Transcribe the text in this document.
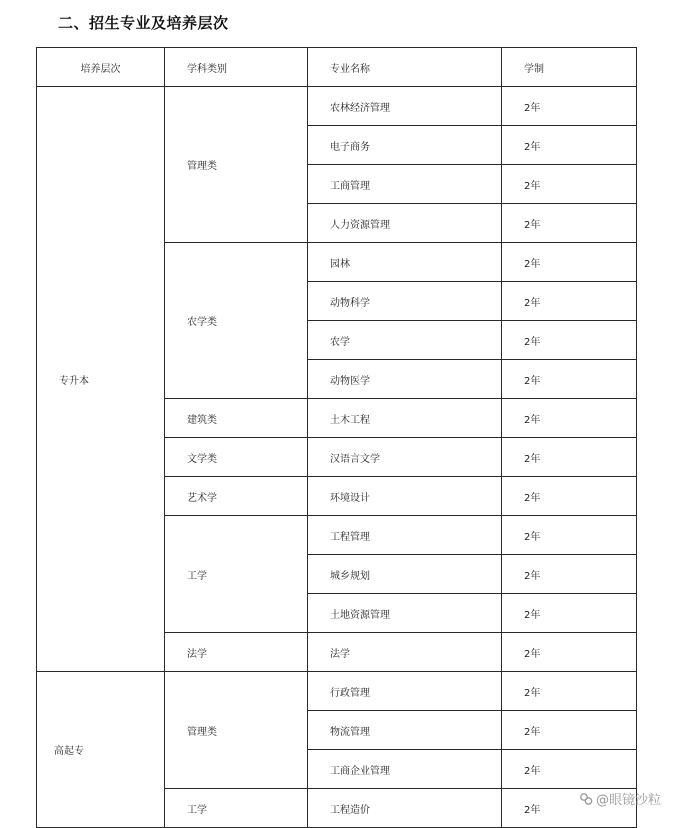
二、招生专业及培养层次
培养层次	学科类别	专业名称	学制
专升本	管理类	农林经济管理	2年
		电子商务	2年
		工商管理	2年
		人力资源管理	2年
	农学类	园林	2年
		动物科学	2年
		农学	2年
		动物医学	2年
	建筑类	土木工程	2年
	文学类	汉语言文学	2年
	艺术学	环境设计	2年
	工学	工程管理	2年
		城乡规划	2年
		土地资源管理	2年
	法学	法学	2年
高起专	管理类	行政管理	2年
		物流管理	2年
		工商企业管理	2年
	工学	工程造价	2年
@眼镜沙粒
